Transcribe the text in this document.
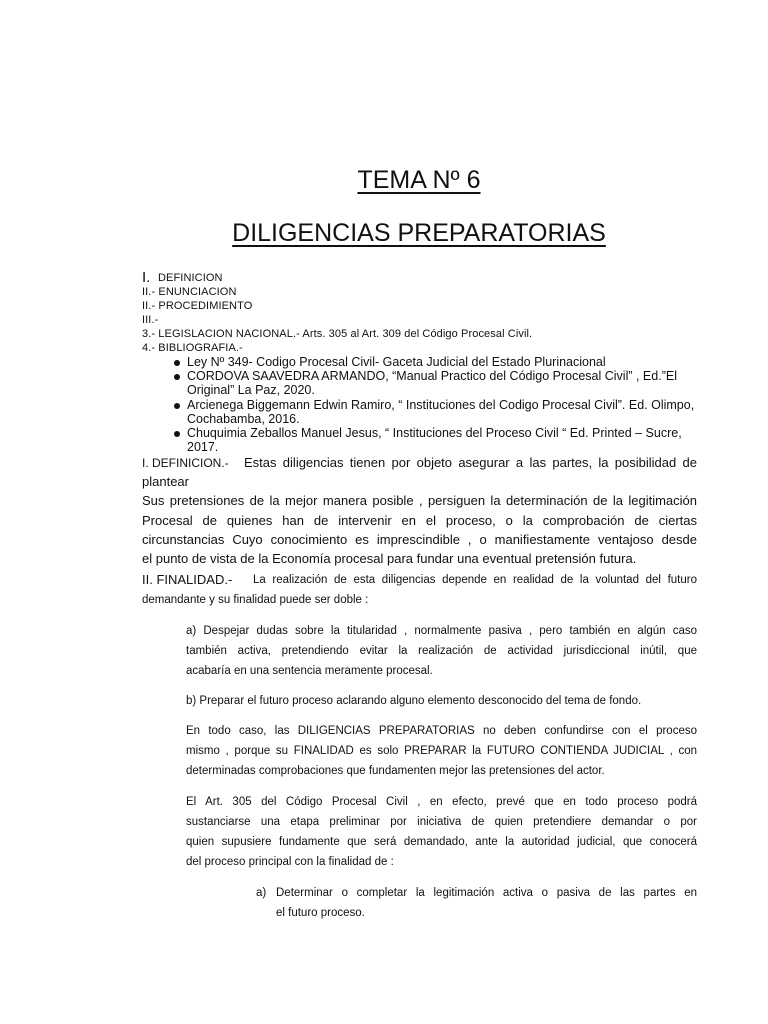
TEMA Nº 6
DILIGENCIAS PREPARATORIAS
I. DEFINICION
II.- ENUNCIACION
II.- PROCEDIMIENTO
III.-
3.- LEGISLACION NACIONAL.- Arts. 305 al Art. 309 del Código Procesal Civil.
4.- BIBLIOGRAFIA.-
Ley Nº 349- Codigo Procesal Civil- Gaceta Judicial del Estado Plurinacional
CORDOVA SAAVEDRA ARMANDO, “Manual Practico del Código Procesal Civil” , Ed.”El
Original” La Paz, 2020.
Arcienega Biggemann Edwin Ramiro, “ Instituciones del Codigo Procesal Civil”. Ed. Olimpo,
Cochabamba, 2016.
Chuquimia Zeballos Manuel Jesus, “ Instituciones del Proceso Civil “ Ed. Printed – Sucre,
2017.
I. DEFINICION.- Estas diligencias tienen por objeto asegurar a las partes, la posibilidad de
plantear
Sus pretensiones de la mejor manera posible , persiguen la determinación de la legitimación
Procesal de quienes han de intervenir en el proceso, o la comprobación de ciertas
circunstancias Cuyo conocimiento es imprescindible , o manifiestamente ventajoso desde
el punto de vista de la Economía procesal para fundar una eventual pretensión futura.
II. FINALIDAD.- La realización de esta diligencias depende en realidad de la voluntad del futuro
demandante y su finalidad puede ser doble :
a) Despejar dudas sobre la titularidad , normalmente pasiva , pero también en algún caso
también activa, pretendiendo evitar la realización de actividad jurisdiccional inútil, que
acabaría en una sentencia meramente procesal.
b) Preparar el futuro proceso aclarando alguno elemento desconocido del tema de fondo.
En todo caso, las DILIGENCIAS PREPARATORIAS no deben confundirse con el proceso
mismo , porque su FINALIDAD es solo PREPARAR la FUTURO CONTIENDA JUDICIAL , con
determinadas comprobaciones que fundamenten mejor las pretensiones del actor.
El Art. 305 del Código Procesal Civil , en efecto, prevé que en todo proceso podrá
sustanciarse una etapa preliminar por iniciativa de quien pretendiere demandar o por
quien supusiere fundamente que será demandado, ante la autoridad judicial, que conocerá
del proceso principal con la finalidad de :
a) Determinar o completar la legitimación activa o pasiva de las partes en
el futuro proceso.
